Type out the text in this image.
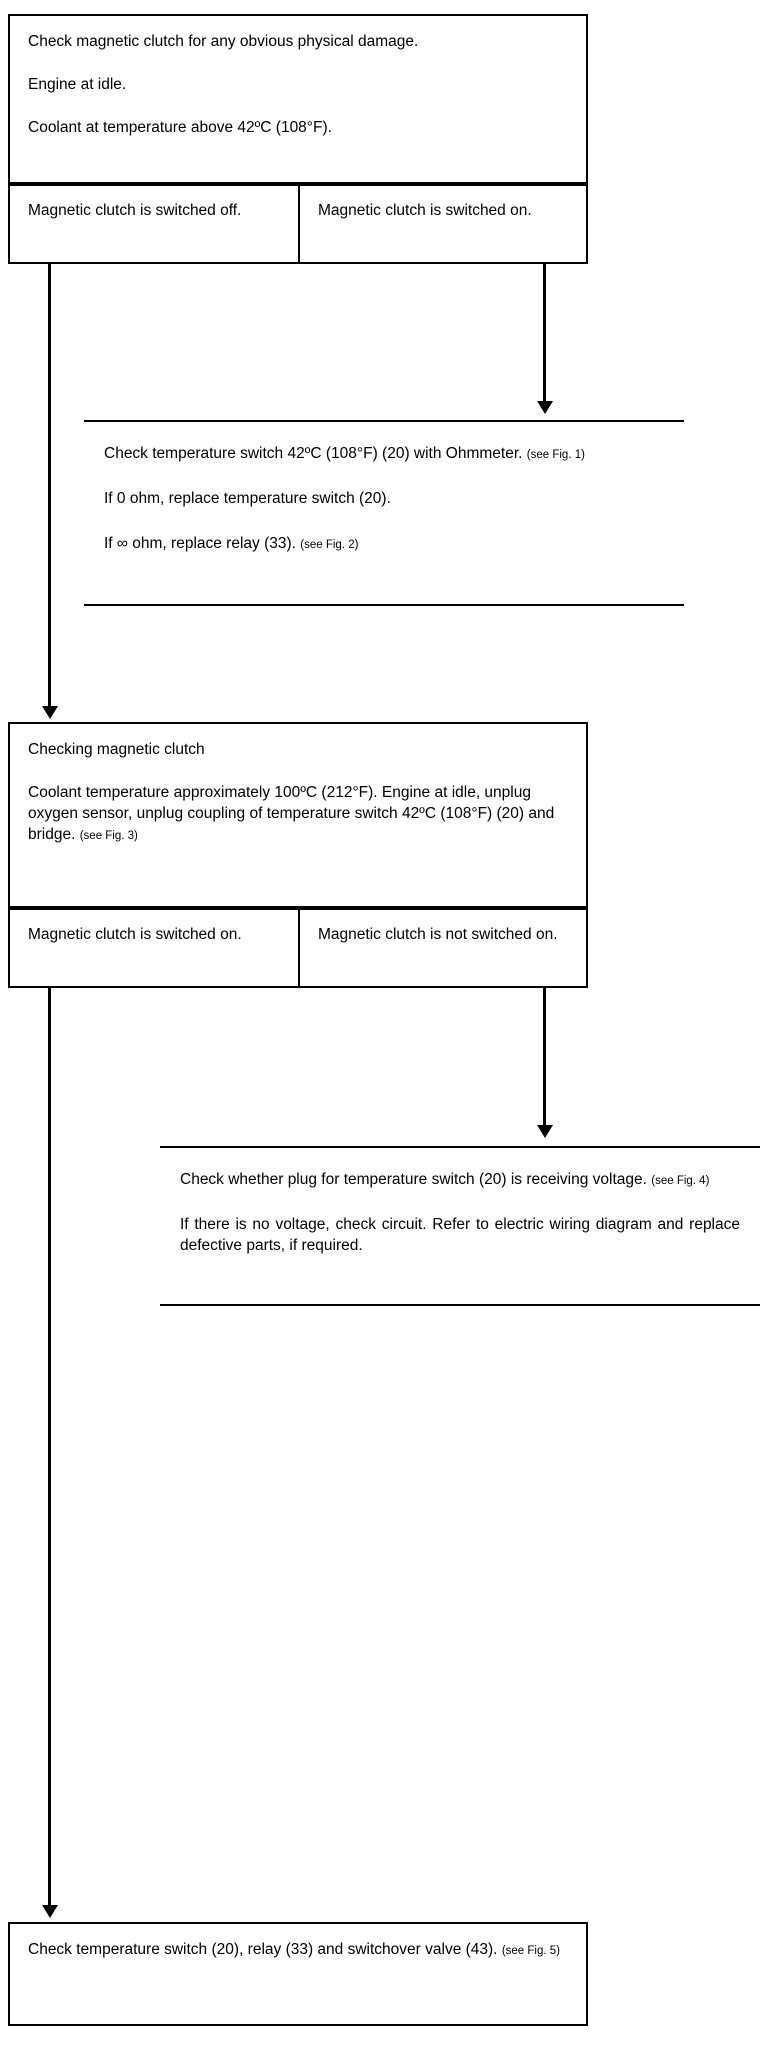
Check magnetic clutch for any obvious physical damage.

Engine at idle.

Coolant at temperature above 42ºC (108°F).

Magnetic clutch is switched off.	Magnetic clutch is switched on.

Check temperature switch 42ºC (108°F) (20) with Ohmmeter. (see Fig. 1)

If 0 ohm, replace temperature switch (20).

If ∞ ohm, replace relay (33). (see Fig. 2)

Checking magnetic clutch

Coolant temperature approximately 100ºC (212°F). Engine at idle, unplug oxygen sensor, unplug coupling of temperature switch 42ºC (108°F) (20) and bridge. (see Fig. 3)

Magnetic clutch is switched on.	Magnetic clutch is not switched on.

Check whether plug for temperature switch (20) is receiving voltage. (see Fig. 4)

If there is no voltage, check circuit. Refer to electric wiring diagram and replace defective parts, if required.

Check temperature switch (20), relay (33) and switchover valve (43). (see Fig. 5)
